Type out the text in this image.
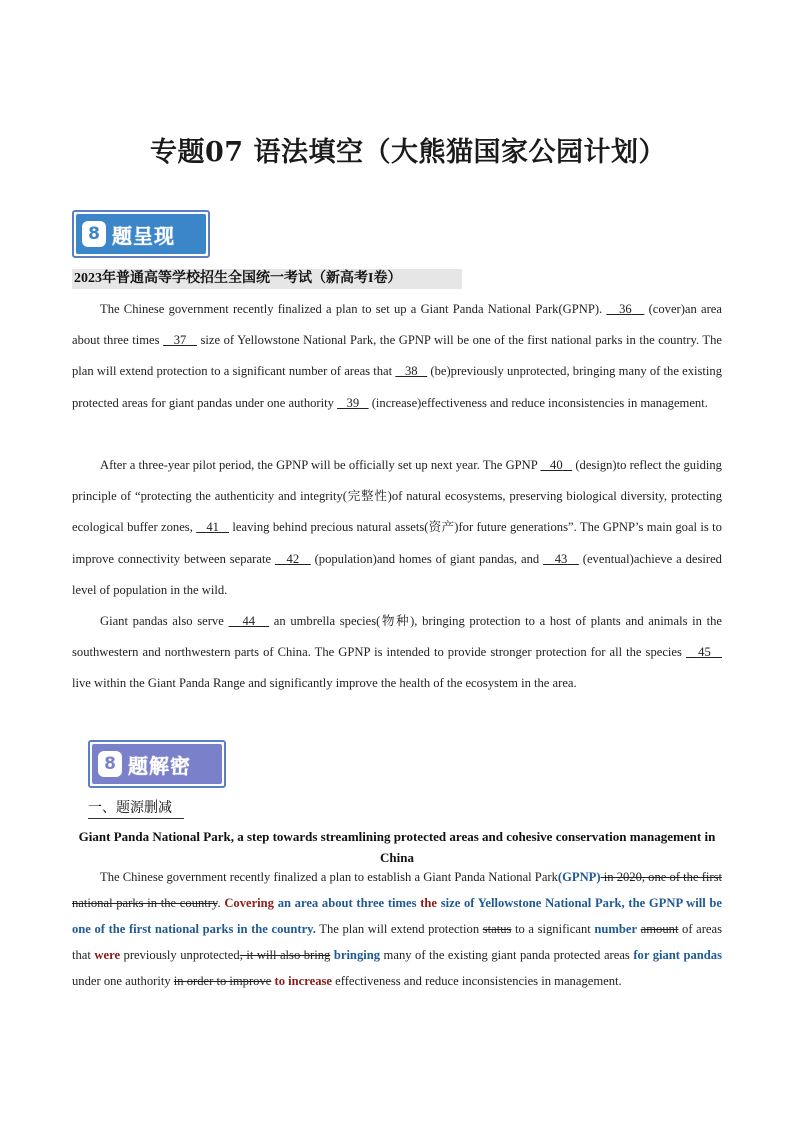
专题07 语法填空（大熊猫国家公园计划）
8 题呈现
2023年普通高等学校招生全国统一考试（新高考I卷）

The Chinese government recently finalized a plan to set up a Giant Panda National Park(GPNP). 36 (cover)an area about three times 37 size of Yellowstone National Park, the GPNP will be one of the first national parks in the country. The plan will extend protection to a significant number of areas that 38 (be)previously unprotected, bringing many of the existing protected areas for giant pandas under one authority 39 (increase)effectiveness and reduce inconsistencies in management.

After a three-year pilot period, the GPNP will be officially set up next year. The GPNP 40 (design)to reflect the guiding principle of “protecting the authenticity and integrity(完整性)of natural ecosystems, preserving biological diversity, protecting ecological buffer zones, 41 leaving behind precious natural assets(资产)for future generations”. The GPNP’s main goal is to improve connectivity between separate 42 (population)and homes of giant pandas, and 43 (eventual)achieve a desired level of population in the wild.

Giant pandas also serve 44 an umbrella species(物种), bringing protection to a host of plants and animals in the southwestern and northwestern parts of China. The GPNP is intended to provide stronger protection for all the species 45 live within the Giant Panda Range and significantly improve the health of the ecosystem in the area.

8 题解密
一、题源删减
Giant Panda National Park, a step towards streamlining protected areas and cohesive conservation management in China

The Chinese government recently finalized a plan to establish a Giant Panda National Park(GPNP) in 2020, one of the first national parks in the country. Covering an area about three times the size of Yellowstone National Park, the GPNP will be one of the first national parks in the country. The plan will extend protection status to a significant number amount of areas that were previously unprotected, it will also bring bringing many of the existing giant panda protected areas for giant pandas under one authority in order to improve to increase effectiveness and reduce inconsistencies in management.
